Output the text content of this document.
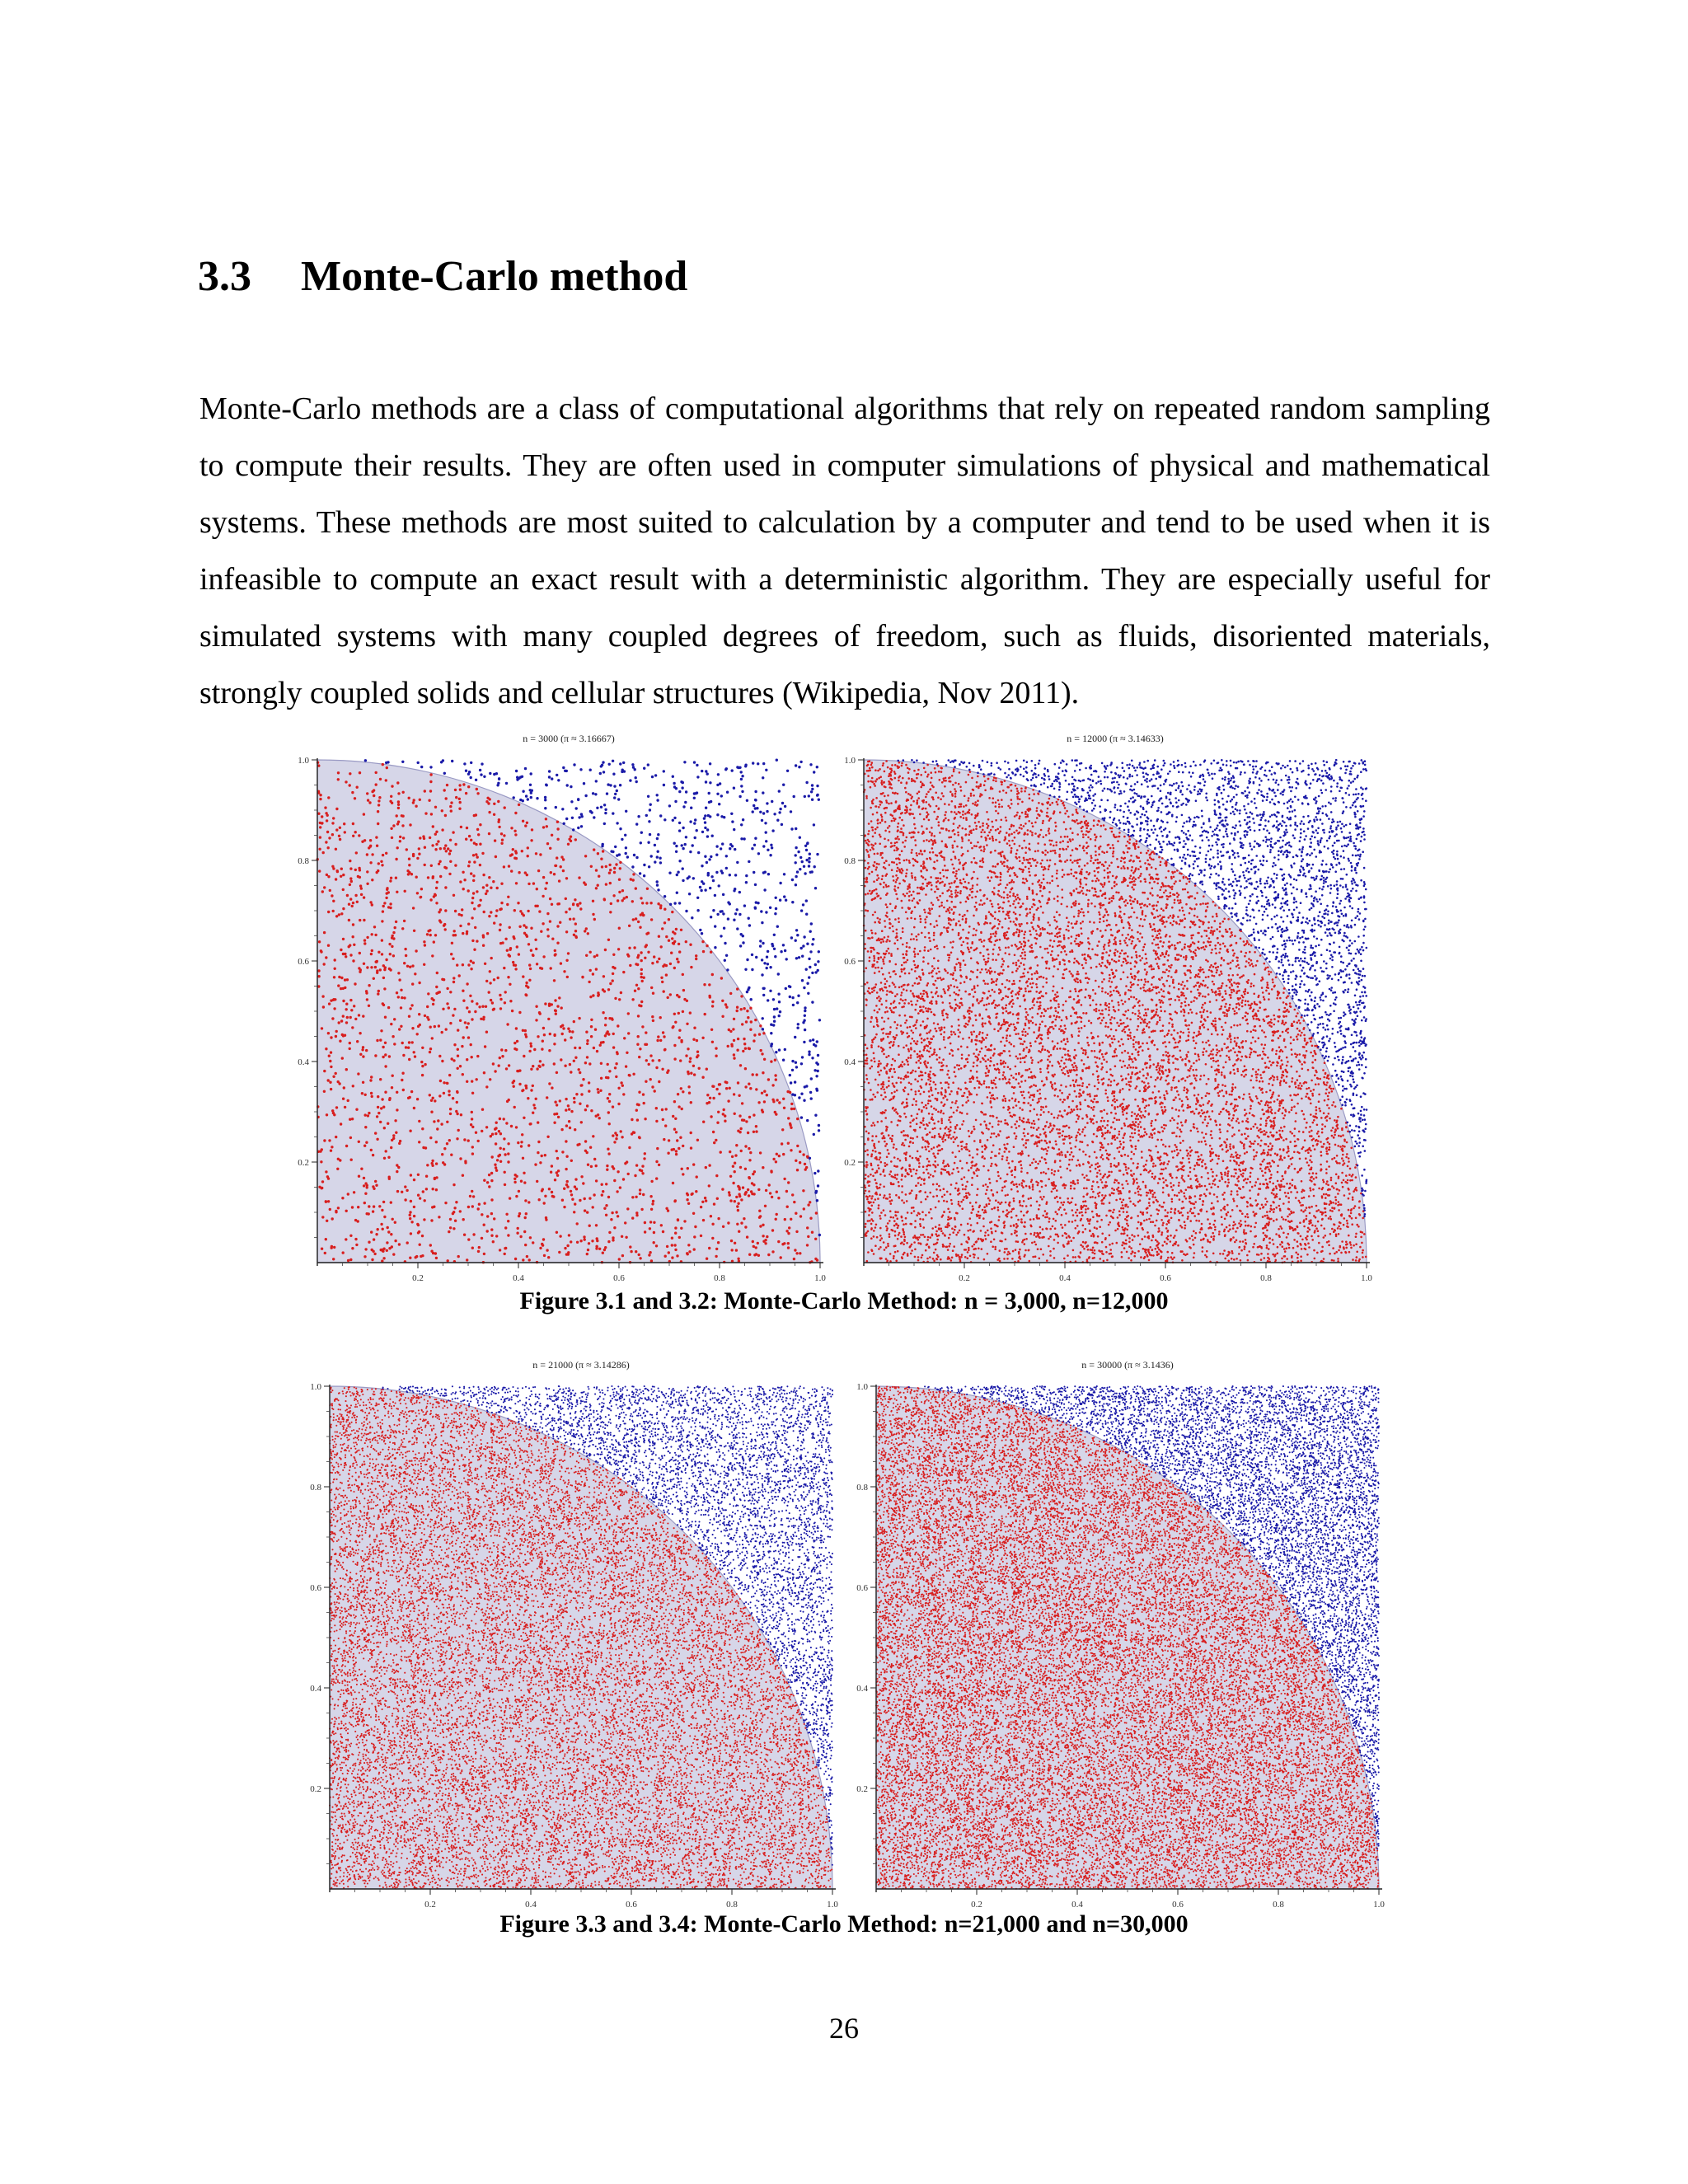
3.3 Monte-Carlo method

Monte-Carlo methods are a class of computational algorithms that rely on repeated random sampling to compute their results. They are often used in computer simulations of physical and mathematical systems. These methods are most suited to calculation by a computer and tend to be used when it is infeasible to compute an exact result with a deterministic algorithm. They are especially useful for simulated systems with many coupled degrees of freedom, such as fluids, disoriented materials, strongly coupled solids and cellular structures (Wikipedia, Nov 2011).

0.2
0.2
0.4
0.4
0.6
0.6
0.8
0.8
1.0
1.0
n = 3000 (π ≈ 3.16667)
0.2
0.2
0.4
0.4
0.6
0.6
0.8
0.8
1.0
1.0
n = 12000 (π ≈ 3.14633)

Figure 3.1 and 3.2: Monte-Carlo Method: n = 3,000, n=12,000

0.2
0.2
0.4
0.4
0.6
0.6
0.8
0.8
1.0
1.0
n = 21000 (π ≈ 3.14286)
0.2
0.2
0.4
0.4
0.6
0.6
0.8
0.8
1.0
1.0
n = 30000 (π ≈ 3.1436)

Figure 3.3 and 3.4: Monte-Carlo Method: n=21,000 and n=30,000

26
